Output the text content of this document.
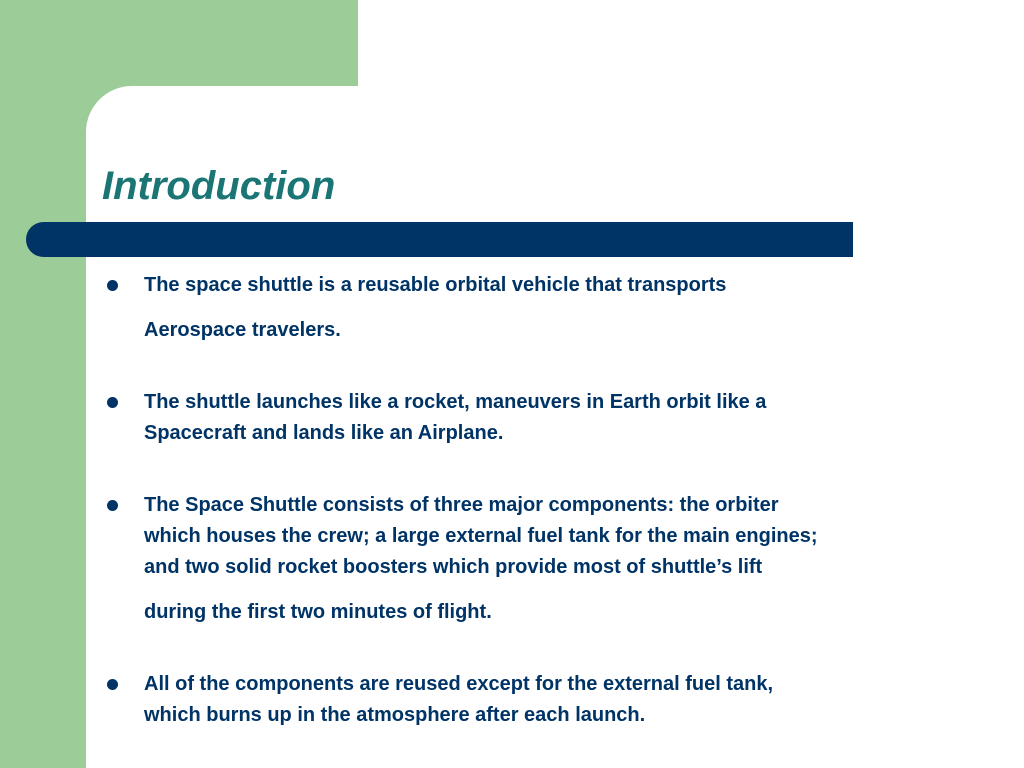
Introduction
The space shuttle is a reusable orbital vehicle that transports
Aerospace travelers.
The shuttle launches like a rocket, maneuvers in Earth orbit like a
Spacecraft and lands like an Airplane.
The Space Shuttle consists of three major components: the orbiter
which houses the crew; a large external fuel tank for the main engines;
and two solid rocket boosters which provide most of shuttle’s lift
during the first two minutes of flight.
All of the components are reused except for the external fuel tank,
which burns up in the atmosphere after each launch.
